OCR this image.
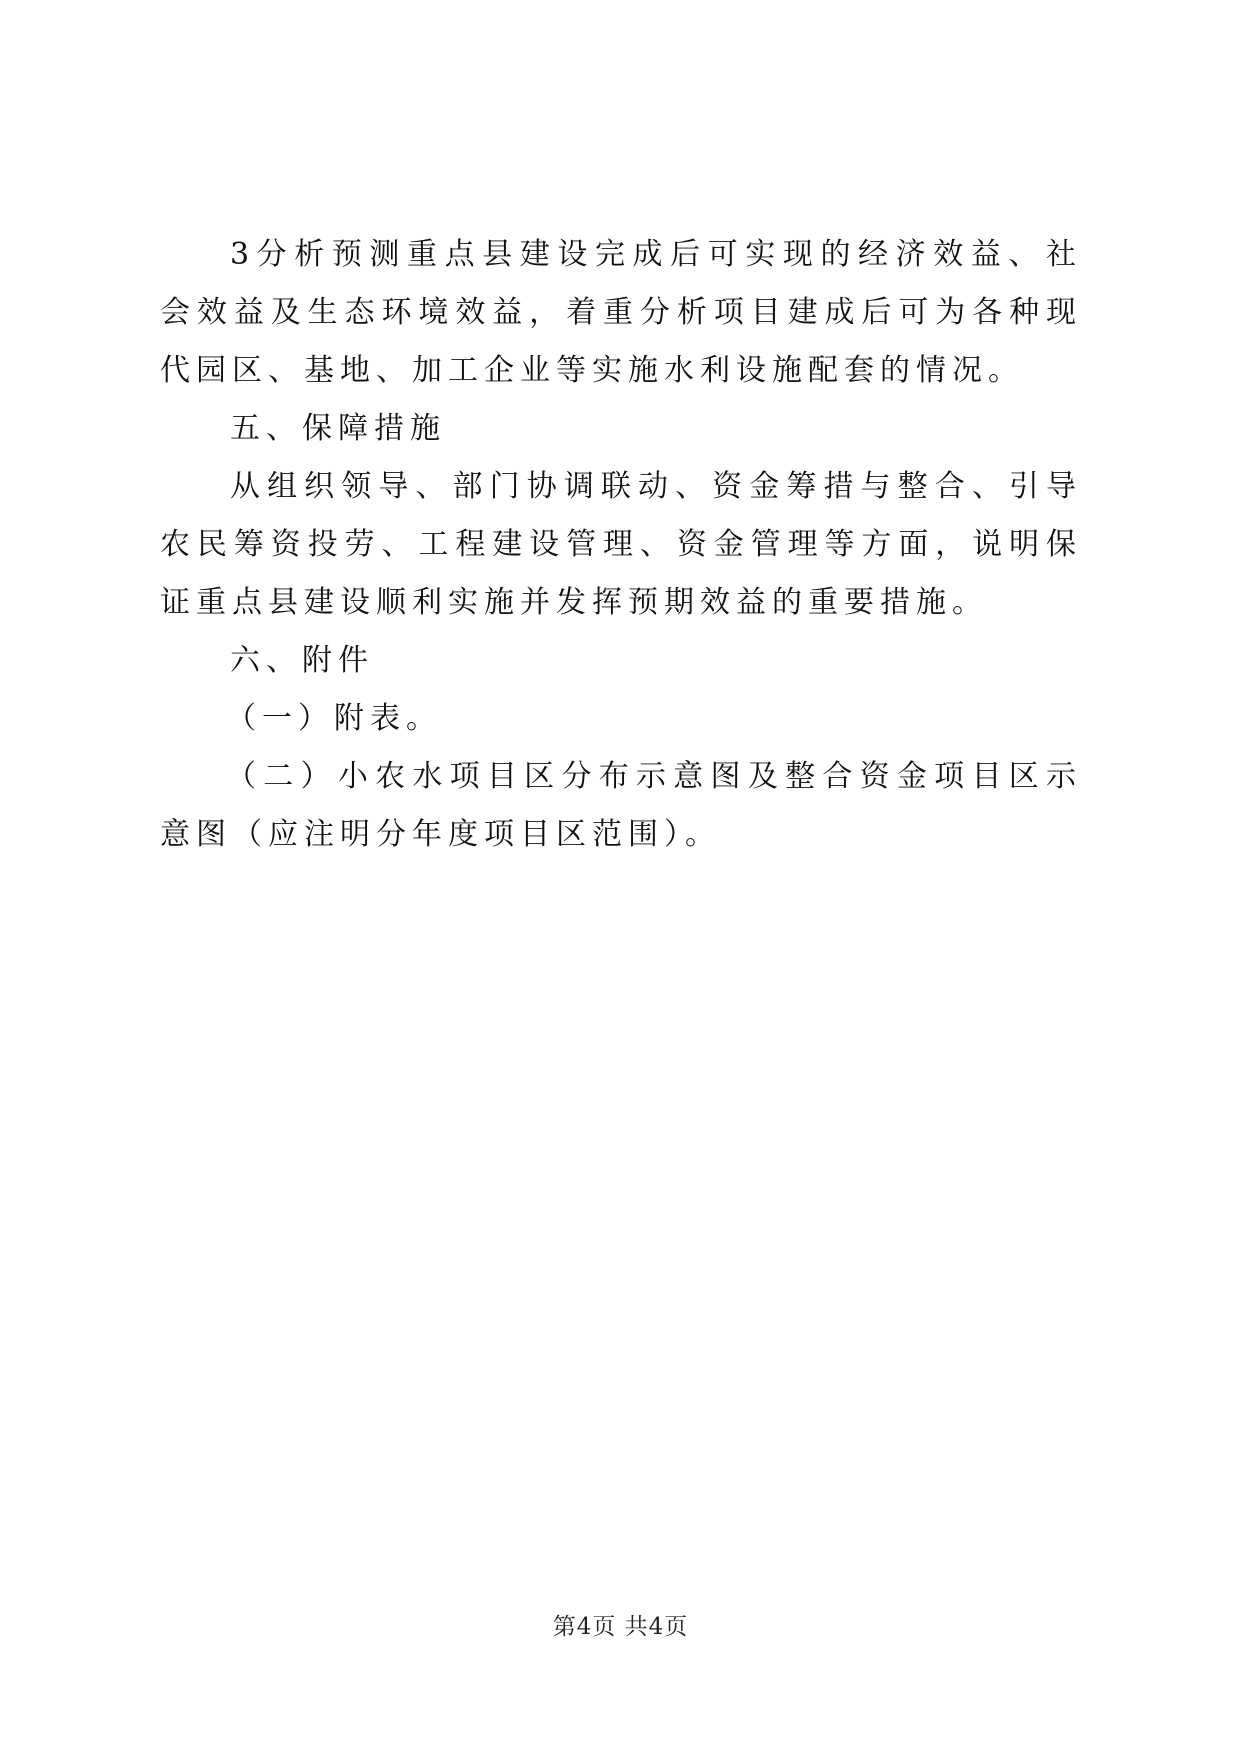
3分析预测重点县建设完成后可实现的经济效益、社会效益及生态环境效益，着重分析项目建成后可为各种现代园区、基地、加工企业等实施水利设施配套的情况。

五、保障措施

从组织领导、部门协调联动、资金筹措与整合、引导农民筹资投劳、工程建设管理、资金管理等方面，说明保证重点县建设顺利实施并发挥预期效益的重要措施。

六、附件

（一）附表。

（二）小农水项目区分布示意图及整合资金项目区示意图（应注明分年度项目区范围）。

第4页 共4页
